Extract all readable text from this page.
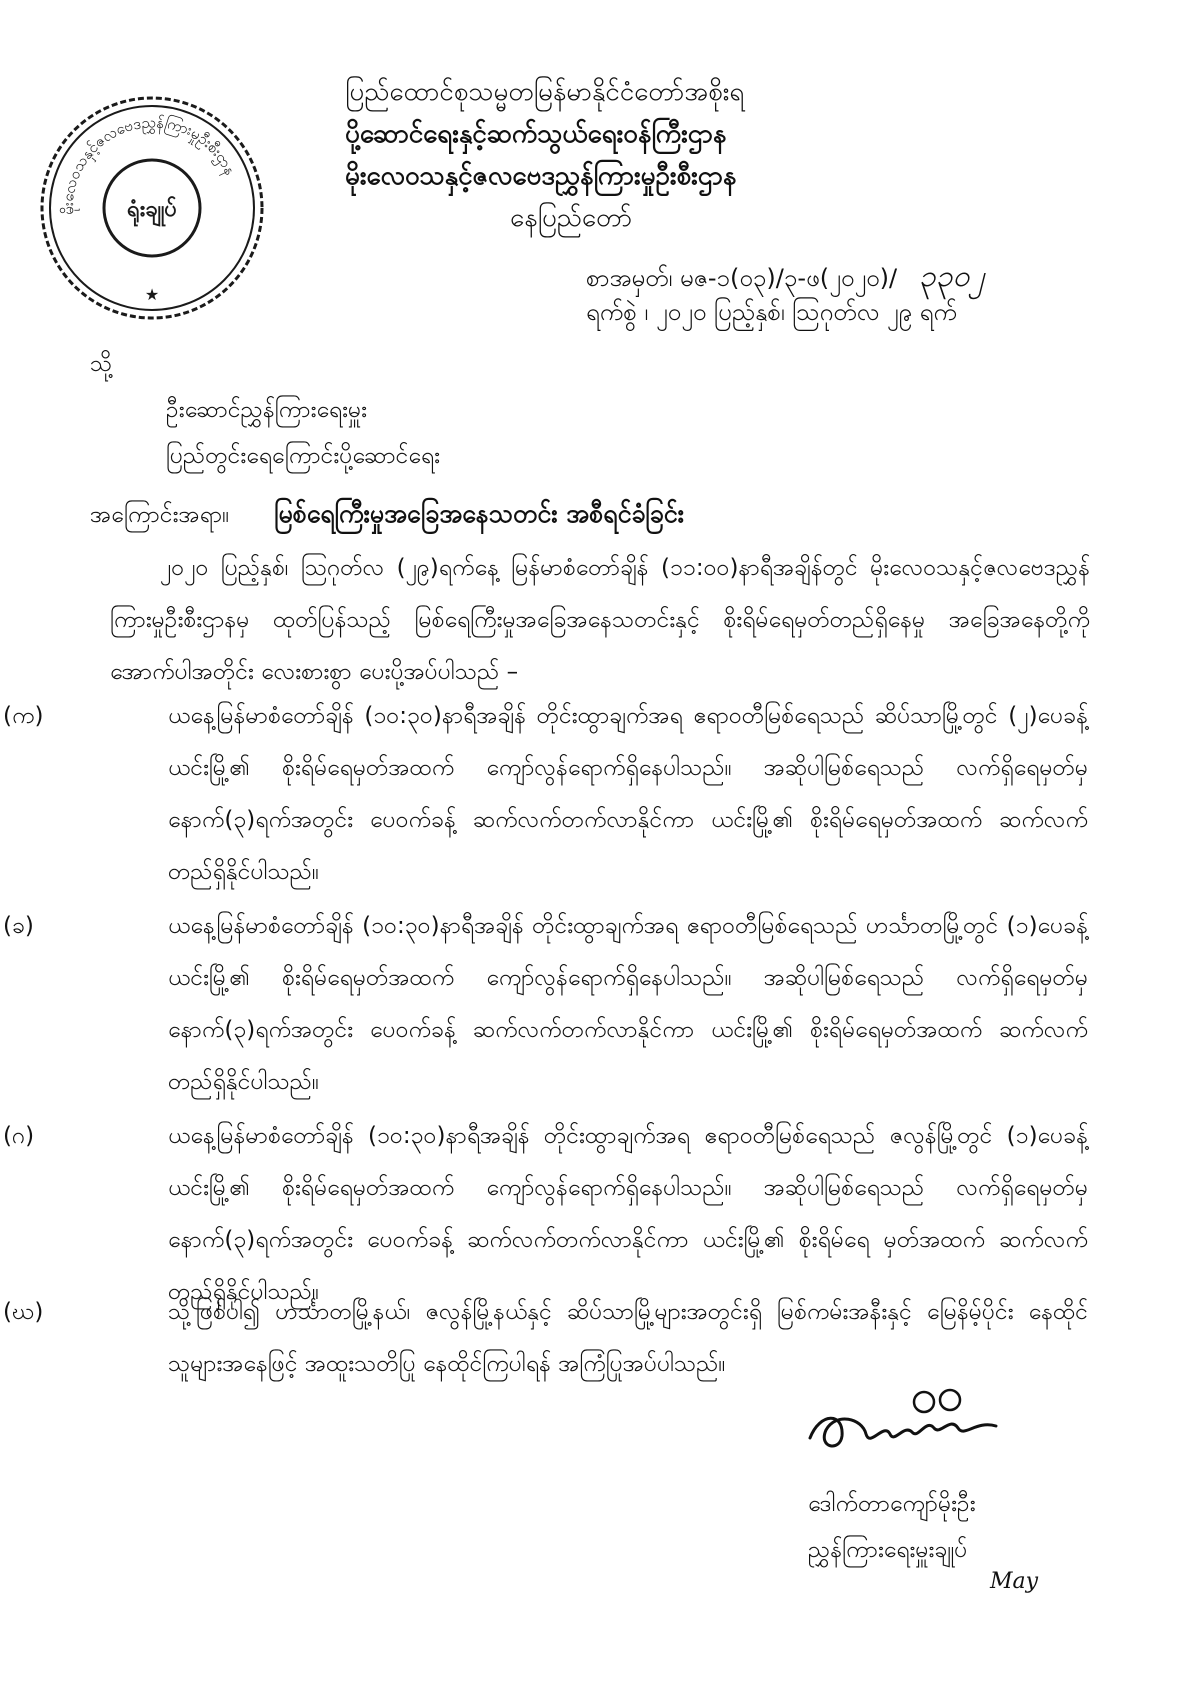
မိုးလေဝသနှင့်ဇလဗေဒညွှန်ကြားမှုဦးစီးဌာန
ရုံးချုပ်
★
ပြည်ထောင်စုသမ္မတမြန်မာနိုင်ငံတော်အစိုးရ
ပို့ဆောင်ရေးနှင့်ဆက်သွယ်ရေးဝန်ကြီးဌာန
မိုးလေဝသနှင့်ဇလဗေဒညွှန်ကြားမှုဦးစီးဌာန
နေပြည်တော်
စာအမှတ်၊ မဇ-၁(၀၃)/၃-ဖ(၂၀၂၀)/ ၃၃၀၂
ရက်စွဲ ၊ ၂၀၂၀ ပြည့်နှစ်၊ ဩဂုတ်လ ၂၉ ရက်
သို့
ဦးဆောင်ညွှန်ကြားရေးမှူး
ပြည်တွင်းရေကြောင်းပို့ဆောင်ရေး
အကြောင်းအရာ။ မြစ်ရေကြီးမှုအခြေအနေသတင်း အစီရင်ခံခြင်း
၂၀၂၀ ပြည့်နှစ်၊ ဩဂုတ်လ (၂၉)ရက်နေ့ မြန်မာစံတော်ချိန် (၁၁:၀၀)နာရီအချိန်တွင် မိုးလေဝသနှင့်ဇလဗေဒညွှန်ကြားမှုဦးစီးဌာနမှ ထုတ်ပြန်သည့် မြစ်ရေကြီးမှုအခြေအနေသတင်းနှင့် စိုးရိမ်ရေမှတ်တည်ရှိနေမှု အခြေအနေတို့ကို အောက်ပါအတိုင်း လေးစားစွာ ပေးပို့အပ်ပါသည် –
(က)	ယနေ့မြန်မာစံတော်ချိန် (၁၀:၃၀)နာရီအချိန် တိုင်းထွာချက်အရ ဧရာဝတီမြစ်ရေသည် ဆိပ်သာမြို့တွင် (၂)ပေခန့် ယင်းမြို့၏ စိုးရိမ်ရေမှတ်အထက် ကျော်လွန်ရောက်ရှိနေပါသည်။ အဆိုပါမြစ်ရေသည် လက်ရှိရေမှတ်မှ နောက်(၃)ရက်အတွင်း ပေ၀က်ခန့် ဆက်လက်တက်လာနိုင်ကာ ယင်းမြို့၏ စိုးရိမ်ရေမှတ်အထက် ဆက်လက်တည်ရှိနိုင်ပါသည်။
(ခ)	ယနေ့မြန်မာစံတော်ချိန် (၁၀:၃၀)နာရီအချိန် တိုင်းထွာချက်အရ ဧရာဝတီမြစ်ရေသည် ဟင်္သာတမြို့တွင် (၁)ပေခန့် ယင်းမြို့၏ စိုးရိမ်ရေမှတ်အထက် ကျော်လွန်ရောက်ရှိနေပါသည်။ အဆိုပါမြစ်ရေသည် လက်ရှိရေမှတ်မှ နောက်(၃)ရက်အတွင်း ပေ၀က်ခန့် ဆက်လက်တက်လာနိုင်ကာ ယင်းမြို့၏ စိုးရိမ်ရေမှတ်အထက် ဆက်လက်တည်ရှိနိုင်ပါသည်။
(ဂ)	ယနေ့မြန်မာစံတော်ချိန် (၁၀:၃၀)နာရီအချိန် တိုင်းထွာချက်အရ ဧရာဝတီမြစ်ရေသည် ဇလွန်မြို့တွင် (၁)ပေခန့် ယင်းမြို့၏ စိုးရိမ်ရေမှတ်အထက် ကျော်လွန်ရောက်ရှိနေပါသည်။ အဆိုပါမြစ်ရေသည် လက်ရှိရေမှတ်မှ နောက်(၃)ရက်အတွင်း ပေ၀က်ခန့် ဆက်လက်တက်လာနိုင်ကာ ယင်းမြို့၏ စိုးရိမ်ရေ မှတ်အထက် ဆက်လက်တည်ရှိနိုင်ပါသည်။
(ဃ)	သို့ဖြစ်ပါ၍ ဟင်္သာတမြို့နယ်၊ ဇလွန်မြို့နယ်နှင့် ဆိပ်သာမြို့များအတွင်းရှိ မြစ်ကမ်းအနီးနှင့် မြေနိမ့်ပိုင်း နေထိုင်သူများအနေဖြင့် အထူးသတိပြု နေထိုင်ကြပါရန် အကြံပြုအပ်ပါသည်။
ဒေါက်တာကျော်မိုးဦး
ညွှန်ကြားရေးမှူးချုပ်
May
